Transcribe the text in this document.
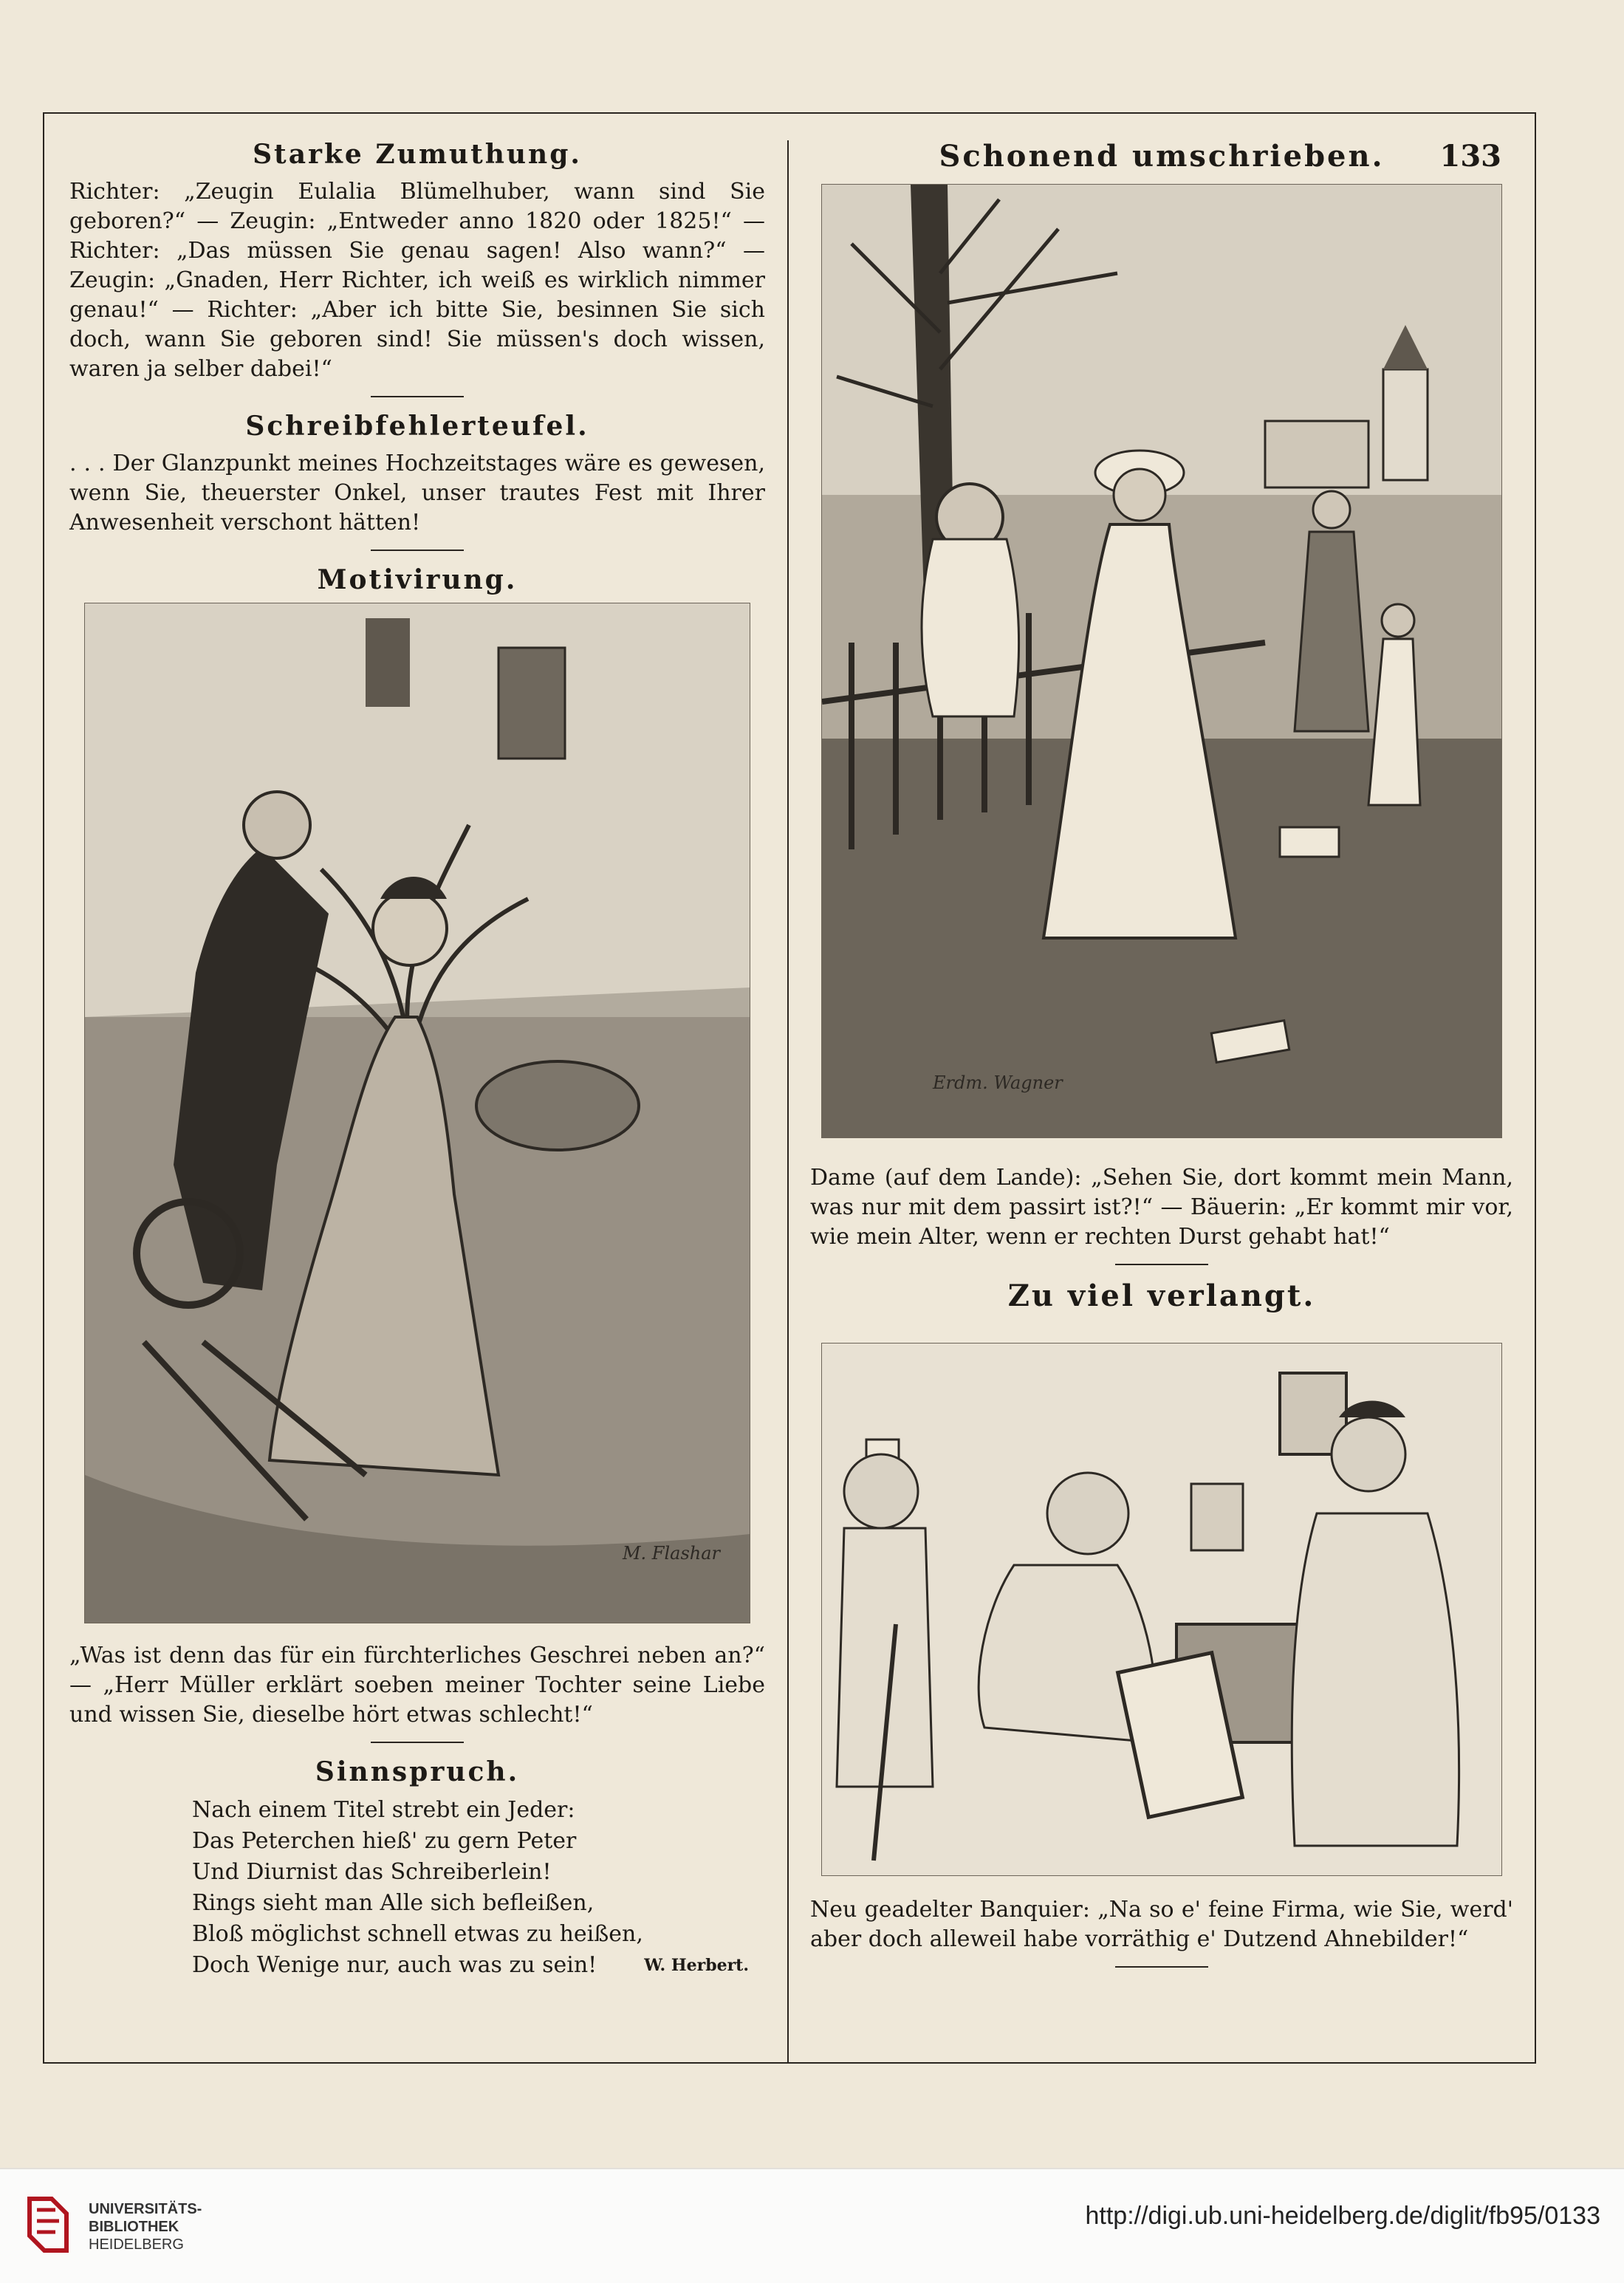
Starke Zumuthung.
Richter: „Zeugin Eulalia Blümelhuber, wann sind Sie geboren?“ — Zeugin: „Entweder anno 1820 oder 1825!“ — Richter: „Das müssen Sie genau sagen! Also wann?“ — Zeugin: „Gnaden, Herr Richter, ich weiß es wirklich nimmer genau!“ — Richter: „Aber ich bitte Sie, besinnen Sie sich doch, wann Sie geboren sind! Sie müssen's doch wissen, waren ja selber dabei!“
Schreibfehlerteufel.
. . . Der Glanzpunkt meines Hochzeitstages wäre es gewesen, wenn Sie, theuerster Onkel, unser trautes Fest mit Ihrer Anwesenheit verschont hätten!
Motivirung.
M. Flashar
„Was ist denn das für ein fürchterliches Geschrei neben an?“ — „Herr Müller erklärt soeben meiner Tochter seine Liebe und wissen Sie, dieselbe hört etwas schlecht!“
Sinnspruch.
Nach einem Titel strebt ein Jeder:
Das Peterchen hieß' zu gern Peter
Und Diurnist das Schreiberlein!
Rings sieht man Alle sich befleißen,
Bloß möglichst schnell etwas zu heißen,
Doch Wenige nur, auch was zu sein!	W. Herbert.
133
Schonend umschrieben.
Erdm. Wagner
Dame (auf dem Lande): „Sehen Sie, dort kommt mein Mann, was nur mit dem passirt ist?!“ — Bäuerin: „Er kommt mir vor, wie mein Alter, wenn er rechten Durst gehabt hat!“
Zu viel verlangt.
Neu geadelter Banquier: „Na so e' feine Firma, wie Sie, werd' aber doch alleweil habe vorräthig e' Dutzend Ahnebilder!“
UNIVERSITÄTS-
BIBLIOTHEK
HEIDELBERG
http://digi.ub.uni-heidelberg.de/diglit/fb95/0133
